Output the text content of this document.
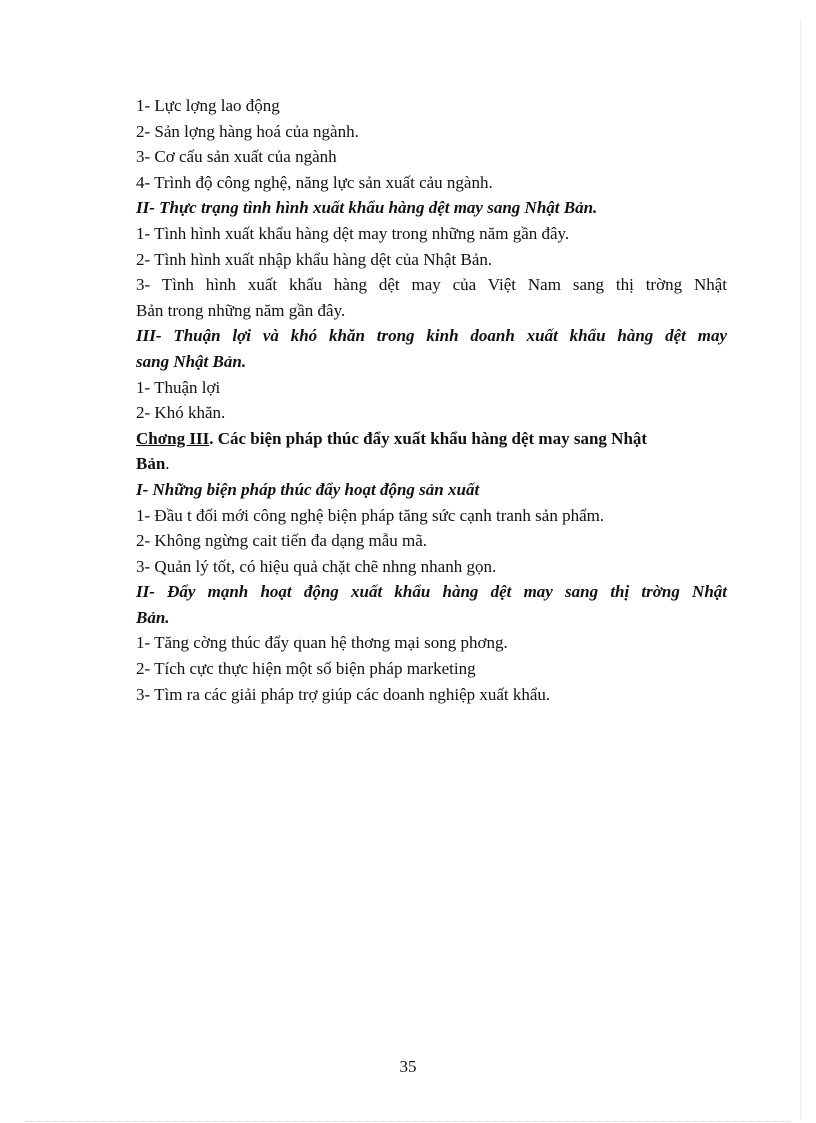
1- Lực lợng lao động
2- Sản lợng hàng hoá của ngành.
3- Cơ cấu sản xuất của ngành
4- Trình độ công nghệ, năng lực sản xuất cảu ngành.
II- Thực trạng tình hình xuất khẩu hàng dệt may sang Nhật Bản.
1- Tình hình xuất khẩu hàng dệt may trong những năm gần đây.
2- Tình hình xuất nhập khẩu hàng dệt của Nhật Bản.
3- Tình hình xuất khẩu hàng dệt may của Việt Nam sang thị trờng Nhật
Bản trong những năm gần đây.
III- Thuận lợi và khó khăn trong kinh doanh xuất khẩu hàng dệt may
sang Nhật Bản.
1- Thuận lợi
2- Khó khăn.
Chơng III. Các biện pháp thúc đẩy xuất khẩu hàng dệt may sang Nhật
Bản.
I- Những biện pháp thúc đẩy hoạt động sản xuất
1- Đầu t đổi mới công nghệ biện pháp tăng sức cạnh tranh sản phẩm.
2- Không ngừng cait tiến đa dạng mẫu mã.
3- Quản lý tốt, có hiệu quả chặt chẽ nhng nhanh gọn.
II- Đẩy mạnh hoạt động xuất khẩu hàng dệt may sang thị trờng Nhật
Bản.
1- Tăng cờng thúc đẩy quan hệ thơng mại song phơng.
2- Tích cực thực hiện một số biện pháp marketing
3- Tìm ra các giải pháp trợ giúp các doanh nghiệp xuất khẩu.
35
